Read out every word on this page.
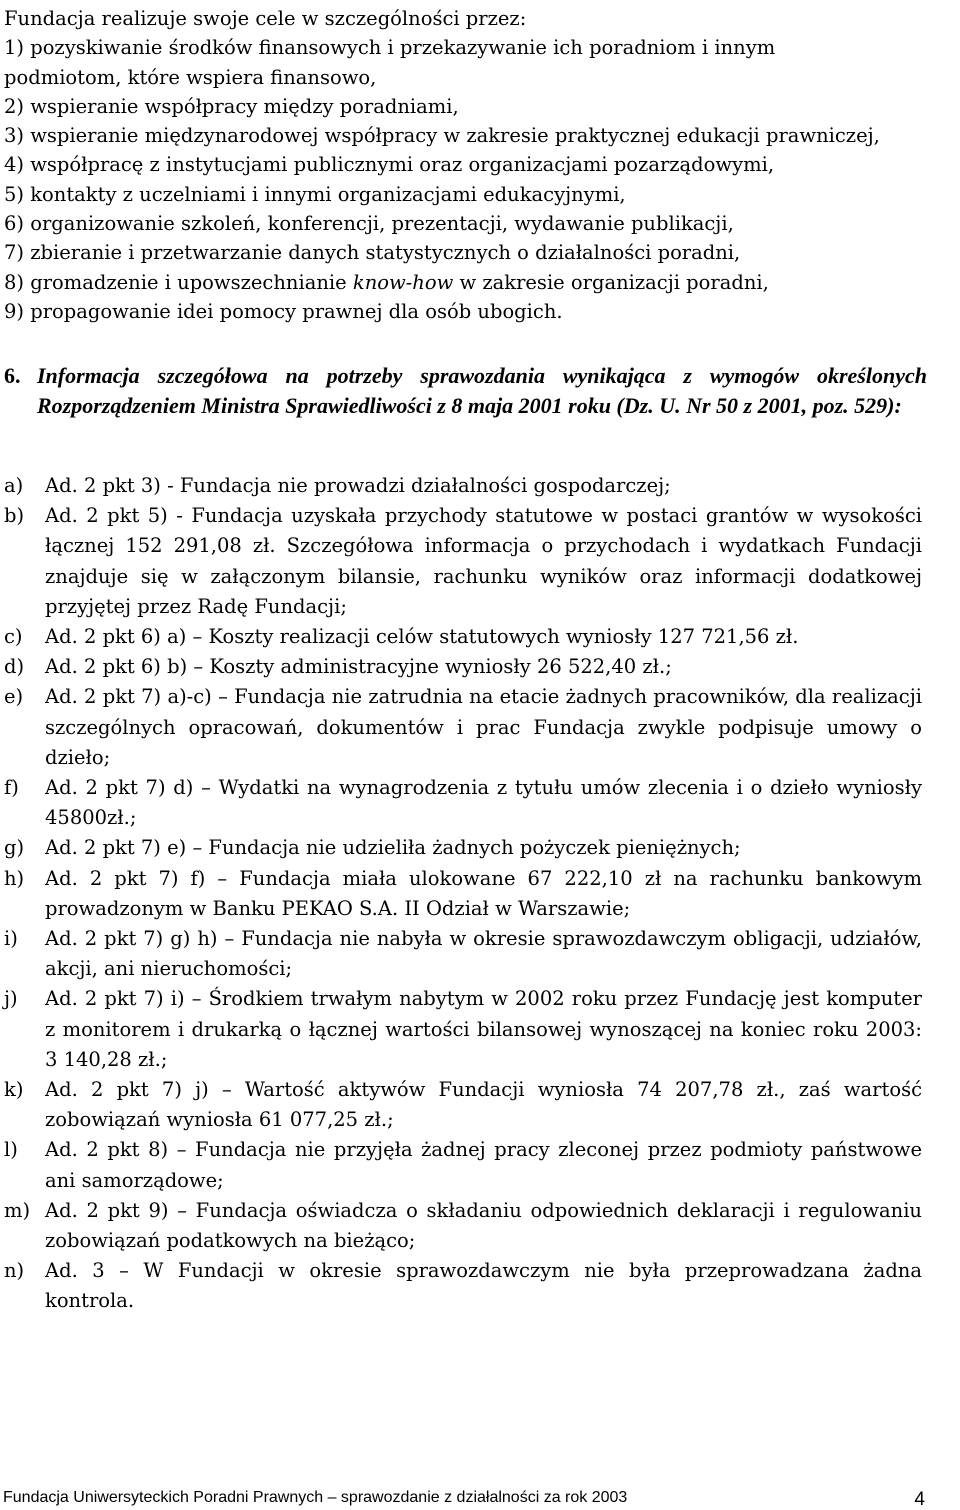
Fundacja realizuje swoje cele w szczególności przez:
1) pozyskiwanie środków finansowych i przekazywanie ich poradniom i innym
podmiotom, które wspiera finansowo,
2) wspieranie współpracy między poradniami,
3) wspieranie międzynarodowej współpracy w zakresie praktycznej edukacji prawniczej,
4) współpracę z instytucjami publicznymi oraz organizacjami pozarządowymi,
5) kontakty z uczelniami i innymi organizacjami edukacyjnymi,
6) organizowanie szkoleń, konferencji, prezentacji, wydawanie publikacji,
7) zbieranie i przetwarzanie danych statystycznych o działalności poradni,
8) gromadzenie i upowszechnianie know-how w zakresie organizacji poradni,
9) propagowanie idei pomocy prawnej dla osób ubogich.
6. Informacja szczegółowa na potrzeby sprawozdania wynikająca z wymogów określonych Rozporządzeniem Ministra Sprawiedliwości z 8 maja 2001 roku (Dz. U. Nr 50 z 2001, poz. 529):
a) Ad. 2 pkt 3) - Fundacja nie prowadzi działalności gospodarczej;
b) Ad. 2 pkt 5) - Fundacja uzyskała przychody statutowe w postaci grantów w wysokości łącznej 152 291,08 zł. Szczegółowa informacja o przychodach i wydatkach Fundacji znajduje się w załączonym bilansie, rachunku wyników oraz informacji dodatkowej przyjętej przez Radę Fundacji;
c) Ad. 2 pkt 6) a) – Koszty realizacji celów statutowych wyniosły 127 721,56 zł.
d) Ad. 2 pkt 6) b) – Koszty administracyjne wyniosły 26 522,40 zł.;
e) Ad. 2 pkt 7) a)-c) – Fundacja nie zatrudnia na etacie żadnych pracowników, dla realizacji szczególnych opracowań, dokumentów i prac Fundacja zwykle podpisuje umowy o dzieło;
f) Ad. 2 pkt 7) d) – Wydatki na wynagrodzenia z tytułu umów zlecenia i o dzieło wyniosły 45800zł.;
g) Ad. 2 pkt 7) e) – Fundacja nie udzieliła żadnych pożyczek pieniężnych;
h) Ad. 2 pkt 7) f) – Fundacja miała ulokowane 67 222,10 zł na rachunku bankowym prowadzonym w Banku PEKAO S.A. II Odział w Warszawie;
i) Ad. 2 pkt 7) g) h) – Fundacja nie nabyła w okresie sprawozdawczym obligacji, udziałów, akcji, ani nieruchomości;
j) Ad. 2 pkt 7) i) – Środkiem trwałym nabytym w 2002 roku przez Fundację jest komputer z monitorem i drukarką o łącznej wartości bilansowej wynoszącej na koniec roku 2003: 3 140,28 zł.;
k) Ad. 2 pkt 7) j) – Wartość aktywów Fundacji wyniosła 74 207,78 zł., zaś wartość zobowiązań wyniosła 61 077,25 zł.;
l) Ad. 2 pkt 8) – Fundacja nie przyjęła żadnej pracy zleconej przez podmioty państwowe ani samorządowe;
m) Ad. 2 pkt 9) – Fundacja oświadcza o składaniu odpowiednich deklaracji i regulowaniu zobowiązań podatkowych na bieżąco;
n) Ad. 3 – W Fundacji w okresie sprawozdawczym nie była przeprowadzana żadna kontrola.
Fundacja Uniwersyteckich Poradni Prawnych – sprawozdanie z działalności za rok 2003	4
